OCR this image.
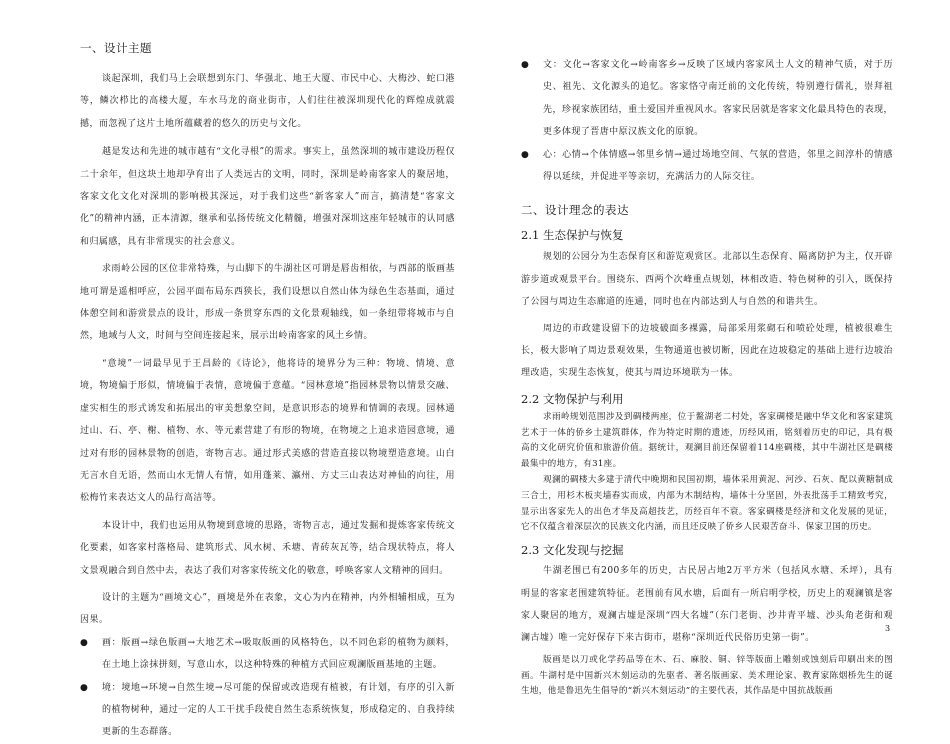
一、设计主题

谈起深圳，我们马上会联想到东门、华强北、地王大厦、市民中心、大梅沙、蛇口港等，鳞次栉比的高楼大厦，车水马龙的商业街市，人们往往被深圳现代化的辉煌成就震撼，而忽视了这片土地所蕴藏着的悠久的历史与文化。

越是发达和先进的城市越有“文化寻根”的需求。事实上，虽然深圳的城市建设历程仅二十余年，但这块土地却孕育出了人类远古的文明，同时，深圳是岭南客家人的聚居地，客家文化文化对深圳的影响极其深远，对于我们这些“新客家人”而言，搞清楚“客家文化”的精神内涵，正本清源，继承和弘扬传统文化精髓，增强对深圳这座年轻城市的认同感和归属感，具有非常现实的社会意义。

求雨岭公园的区位非常特殊，与山脚下的牛湖社区可谓是唇齿相依，与西部的版画基地可谓是遥相呼应，公园平面布局东西狭长，我们设想以自然山体为绿色生态基面，通过体憩空间和游赏景点的设计，形成一条贯穿东西的文化景观轴线，如一条纽带将城市与自然，地域与人文，时间与空间连接起来，展示出岭南客家的风土乡情。

“意境”一词最早见于王昌龄的《诗论》，他将诗的境界分为三种：物境、情境、意境，物境偏于形似，情境偏于表情，意境偏于意蕴。“园林意境”指园林景物以情景交融、虚实相生的形式诱发和拓展出的审美想象空间，是意识形态的境界和情调的表现。园林通过山、石、亭、榭、植物、水、等元素营建了有形的物境，在物境之上追求造园意境，通过对有形的园林景物的创造，寄物言志。通过形式美感的营造直接以物境塑造意境。山白无言水自无语，然而山水无情人有情，如用蓬莱、瀛州、方丈三山表达对神仙的向往，用松梅竹来表达文人的品行高洁等。

本设计中，我们也运用从物境到意境的思路，寄物言志，通过发掘和提炼客家传统文化要素，如客家村落格局、建筑形式、风水树、禾塘、青砖灰瓦等，结合现状特点，将人文景观融合到自然中去，表达了我们对客家传统文化的敬意，呼唤客家人文精神的回归。

设计的主题为“画境文心”，画境是外在表象，文心为内在精神，内外相辅相成，互为因果。

● 画：版画→绿色版画→大地艺术→吸取版画的风格特色，以不同色彩的植物为颜料，在土地上涂抹拼刻，写意山水，以这种特殊的种植方式回应观澜版画基地的主题。
● 境：境地→环境→自然生境→尽可能的保留或改造现有植被，有计划，有序的引入新的植物树种，通过一定的人工干扰手段使自然生态系统恢复，形成稳定的、自我持续更新的生态群落。
● 文：文化→客家文化→岭南客乡→反映了区域内客家风土人文的精神气质，对于历史、祖先、文化源头的追忆。客家恪守南迁前的文化传统，特别遵行儒礼，崇拜祖先，珍视家族团结，重土爱国并重视风水。客家民居就是客家文化最具特色的表现，更多体现了晋唐中原汉族文化的原貌。
● 心：心情→个体情感→邻里乡情→通过场地空间、气氛的营造，邻里之间淳朴的情感得以延续，并促进平等亲切，充满活力的人际交往。
二、设计理念的表达
2.1 生态保护与恢复

规划的公园分为生态保育区和游览观赏区。北部以生态保育、隔离防护为主，仅开辟游步道或观景平台。围绕东、西两个次峰重点规划，林相改造、特色树种的引入，既保持了公园与周边生态廊道的连通，同时也在内部达到人与自然的和谐共生。

周边的市政建设留下的边坡破面多裸露，局部采用浆砌石和喷砼处理，植被很难生长，极大影响了周边景观效果，生物通道也被切断，因此在边坡稳定的基础上进行边坡治理改造，实现生态恢复，使其与周边环境联为一体。

2.2 文物保护与利用

求雨岭规划范围涉及到碉楼两座，位于鳌湖老二村处，客家碉楼是融中华文化和客家建筑艺术于一体的侨乡土建筑群体，作为特定时期的遗迹，历经风雨，铭刻着历史的印记，具有极高的文化研究价值和旅游价值。据统计，观澜目前还保留着114座碉楼，其中牛湖社区是碉楼最集中的地方，有31座。

观澜的碉楼大多建于清代中晚期和民国初期，墙体采用黄泥、河沙、石灰、配以黄糖制成三合土，用杉木板夹墙舂实而成，内部为木制结构，墙体十分坚固，外表批荡手工精致考究，显示出客家先人的出色才华及高超技艺，历经百年不衰。客家碉楼是经济和文化发展的见证，它不仅蕴含着深层次的民族文化内涵，而且还反映了侨乡人民艰苦奋斗、保家卫国的历史。

2.3 文化发现与挖掘

牛湖老围已有200多年的历史，古民居占地2万平方米（包括风水塘、禾坪），具有明显的客家老围建筑特征。老围前有风水塘，后面有一所启明学校，历史上的观澜镇是客家人聚居的地方，观澜古墟是深圳“四大名墟”（东门老街、沙井青平墟、沙头角老街和观澜古墟）唯一完好保存下来古街市，堪称“深圳近代民俗历史第一街”。

版画是以刀或化学药品等在木、石、麻胶、铜、锌等版面上雕刻或蚀刻后印刷出来的图画。牛湖村是中国新兴木刻运动的先驱者、著名版画家、美术理论家、教育家陈烟桥先生的诞生地，他是鲁迅先生倡导的“新兴木刻运动”的主要代表，其作品是中国抗战版画

3
